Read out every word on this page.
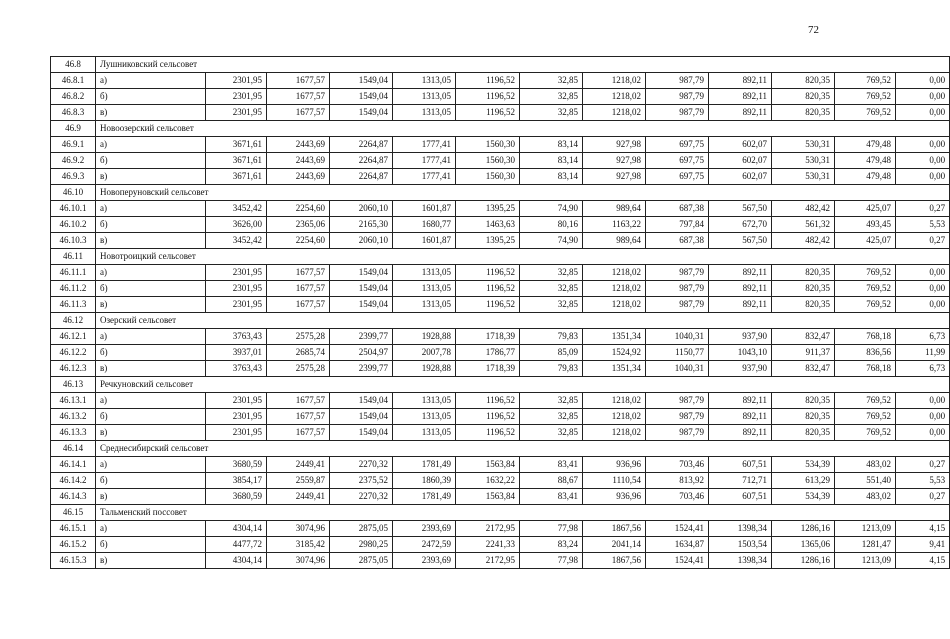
72
46.8	Лушниковский сельсовет												
46.8.1	а)	2301,95	1677,57	1549,04	1313,05	1196,52	32,85	1218,02	987,79	892,11	820,35	769,52	0,00
46.8.2	б)	2301,95	1677,57	1549,04	1313,05	1196,52	32,85	1218,02	987,79	892,11	820,35	769,52	0,00
46.8.3	в)	2301,95	1677,57	1549,04	1313,05	1196,52	32,85	1218,02	987,79	892,11	820,35	769,52	0,00
46.9	Новоозерский сельсовет												
46.9.1	а)	3671,61	2443,69	2264,87	1777,41	1560,30	83,14	927,98	697,75	602,07	530,31	479,48	0,00
46.9.2	б)	3671,61	2443,69	2264,87	1777,41	1560,30	83,14	927,98	697,75	602,07	530,31	479,48	0,00
46.9.3	в)	3671,61	2443,69	2264,87	1777,41	1560,30	83,14	927,98	697,75	602,07	530,31	479,48	0,00
46.10	Новоперуновский сельсовет												
46.10.1	а)	3452,42	2254,60	2060,10	1601,87	1395,25	74,90	989,64	687,38	567,50	482,42	425,07	0,27
46.10.2	б)	3626,00	2365,06	2165,30	1680,77	1463,63	80,16	1163,22	797,84	672,70	561,32	493,45	5,53
46.10.3	в)	3452,42	2254,60	2060,10	1601,87	1395,25	74,90	989,64	687,38	567,50	482,42	425,07	0,27
46.11	Новотроицкий сельсовет												
46.11.1	а)	2301,95	1677,57	1549,04	1313,05	1196,52	32,85	1218,02	987,79	892,11	820,35	769,52	0,00
46.11.2	б)	2301,95	1677,57	1549,04	1313,05	1196,52	32,85	1218,02	987,79	892,11	820,35	769,52	0,00
46.11.3	в)	2301,95	1677,57	1549,04	1313,05	1196,52	32,85	1218,02	987,79	892,11	820,35	769,52	0,00
46.12	Озерский сельсовет												
46.12.1	а)	3763,43	2575,28	2399,77	1928,88	1718,39	79,83	1351,34	1040,31	937,90	832,47	768,18	6,73
46.12.2	б)	3937,01	2685,74	2504,97	2007,78	1786,77	85,09	1524,92	1150,77	1043,10	911,37	836,56	11,99
46.12.3	в)	3763,43	2575,28	2399,77	1928,88	1718,39	79,83	1351,34	1040,31	937,90	832,47	768,18	6,73
46.13	Речкуновский сельсовет												
46.13.1	а)	2301,95	1677,57	1549,04	1313,05	1196,52	32,85	1218,02	987,79	892,11	820,35	769,52	0,00
46.13.2	б)	2301,95	1677,57	1549,04	1313,05	1196,52	32,85	1218,02	987,79	892,11	820,35	769,52	0,00
46.13.3	в)	2301,95	1677,57	1549,04	1313,05	1196,52	32,85	1218,02	987,79	892,11	820,35	769,52	0,00
46.14	Среднесибирский сельсовет												
46.14.1	а)	3680,59	2449,41	2270,32	1781,49	1563,84	83,41	936,96	703,46	607,51	534,39	483,02	0,27
46.14.2	б)	3854,17	2559,87	2375,52	1860,39	1632,22	88,67	1110,54	813,92	712,71	613,29	551,40	5,53
46.14.3	в)	3680,59	2449,41	2270,32	1781,49	1563,84	83,41	936,96	703,46	607,51	534,39	483,02	0,27
46.15	Тальменский поссовет												
46.15.1	а)	4304,14	3074,96	2875,05	2393,69	2172,95	77,98	1867,56	1524,41	1398,34	1286,16	1213,09	4,15
46.15.2	б)	4477,72	3185,42	2980,25	2472,59	2241,33	83,24	2041,14	1634,87	1503,54	1365,06	1281,47	9,41
46.15.3	в)	4304,14	3074,96	2875,05	2393,69	2172,95	77,98	1867,56	1524,41	1398,34	1286,16	1213,09	4,15
